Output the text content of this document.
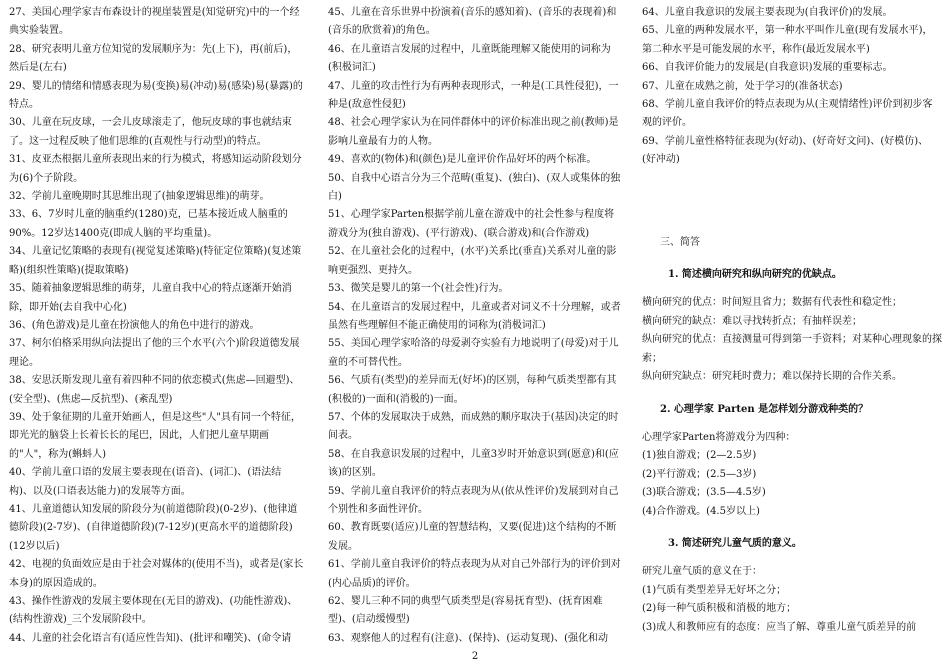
27、美国心理学家吉布森设计的视崖装置是(知觉研究)中的一个经典实验装置。

28、研究表明儿童方位知觉的发展顺序为：先(上下)，再(前后)，然后是(左右)

29、婴儿的情绪和情感表现为易(变换)易(冲动)易(感染)易(暴露)的特点。

30、儿童在玩皮球，一会儿皮球滚走了，他玩皮球的事也就结束了。这一过程反映了他们思维的(直观性与行动型)的特点。

31、皮亚杰根据儿童所表现出来的行为模式，将感知运动阶段划分为(6)个子阶段。

32、学前儿童晚期时其思维出现了(抽象逻辑思维)的萌芽。

33、6、7岁时儿童的脑重约(1280)克，已基本接近成人脑重的90%。12岁达1400克(即成人脑的平均重量)。

34、儿童记忆策略的表现有(视觉复述策略)(特征定位策略)(复述策略)(组织性策略)(提取策略)

35、随着抽象逻辑思维的萌芽，儿童自我中心的特点逐渐开始消除，即开始(去自我中心化)

36、(角色游戏)是儿童在扮演他人的角色中进行的游戏。

37、柯尔伯格采用纵向法提出了他的三个水平(六个)阶段道德发展理论。

38、安思沃斯发现儿童有着四种不同的依恋模式(焦虑—回避型)、(安全型)、(焦虑—反抗型)、(紊乱型)

39、处于象征期的儿童开始画人，但是这些"人"具有同一个特征，即光光的脑袋上长着长长的尾巴，因此，人们把儿童早期画的"人"，称为(蝌蚪人)

40、学前儿童口语的发展主要表现在(语音)、(词汇)、(语法结构)、以及(口语表达能力)的发展等方面。

41、儿童道德认知发展的阶段分为(前道德阶段)(0-2岁)、(他律道德阶段)(2-7岁)、(自律道德阶段)(7-12岁)(更高水平的道德阶段)(12岁以后)

42、电视的负面效应是由于社会对媒体的(使用不当)，或者是(家长本身)的原因造成的。

43、操作性游戏的发展主要体现在(无目的游戏)、(功能性游戏)、(结构性游戏)_三个发展阶段中。

44、儿童的社会化语言有(适应性告知)、(批评和嘲笑)、(命令请

45、儿童在音乐世界中扮演着(音乐的感知着)、(音乐的表现着)和(音乐的欣赏着)的角色。

46、在儿童语言发展的过程中，儿童既能理解又能使用的词称为(积极词汇)

47、儿童的攻击性行为有两种表现形式，一种是(工具性侵犯)，一种是(敌意性侵犯)

48、社会心理学家认为在同伴群体中的评价标准出现之前(教师)是影响儿童最有力的人物。

49、喜欢的(物体)和(颜色)是儿童评价作品好坏的两个标准。

50、自我中心语言分为三个范畴(重复)、(独白)、(双人或集体的独白)

51、心理学家Parten根据学前儿童在游戏中的社会性参与程度将游戏分为(独自游戏)、(平行游戏)、(联合游戏)和(合作游戏)

52、在儿童社会化的过程中，(水平)关系比(垂直)关系对儿童的影响更强烈、更持久。

53、微笑是婴儿的第一个(社会性)行为。

54、在儿童语言的发展过程中，儿童或者对词义不十分理解，或者虽然有些理解但不能正确使用的词称为(消极词汇)

55、美国心理学家哈洛的母爱剥夺实验有力地说明了(母爱)对于儿童的不可替代性。

56、气质有(类型)的差异而无(好坏)的区别，每种气质类型都有其(积极的)一面和(消极的)一面。

57、个体的发展取决于成熟，而成熟的顺序取决于(基因)决定的时间表。

58、在自我意识发展的过程中，儿童3岁时开始意识到(愿意)和(应该)的区别。

59、学前儿童自我评价的特点表现为从(依从性评价)发展到对自己个别性和多面性评价。

60、教育既要(适应)儿童的智慧结构，又要(促进)这个结构的不断发展。

61、学前儿童自我评价的特点表现为从对自己外部行为的评价到对(内心品质)的评价。

62、婴儿三种不同的典型气质类型是(容易抚育型)、(抚育困难型)、(启动缓慢型)

63、观察他人的过程有(注意)、(保持)、(运动复现)、(强化和动

64、儿童自我意识的发展主要表现为(自我评价)的发展。

65、儿童的两种发展水平，第一种水平叫作儿童(现有发展水平)，第二种水平是可能发展的水平，称作(最近发展水平)

66、自我评价能力的发展是(自我意识)发展的重要标志。

67、儿童在成熟之前，处于学习的(准备状态)

68、学前儿童自我评价的特点表现为从(主观情绪性)评价到初步客观的评价。

69、学前儿童性格特征表现为(好动)、(好奇好文问)、(好模仿)、(好冲动)

三、简答

1. 简述横向研究和纵向研究的优缺点。

横向研究的优点：时间短且省力；数据有代表性和稳定性；

横向研究的缺点：难以寻找转折点；有抽样误差；

纵向研究的优点：直接测量可得到第一手资料；对某种心理现象的探索；

纵向研究缺点：研究耗时费力；难以保持长期的合作关系。

2. 心理学家 Parten 是怎样划分游戏种类的？

心理学家Parten将游戏分为四种：

(1)独自游戏；(2—2.5岁)

(2)平行游戏；(2.5—3岁)

(3)联合游戏；(3.5—4.5岁)

(4)合作游戏。(4.5岁以上)

3. 简述研究儿童气质的意义。

研究儿童气质的意义在于：

(1)气质有类型差异无好坏之分；

(2)每一种气质积极和消极的地方；

(3)成人和教师应有的态度：应当了解、尊重儿童气质差异的前

2
